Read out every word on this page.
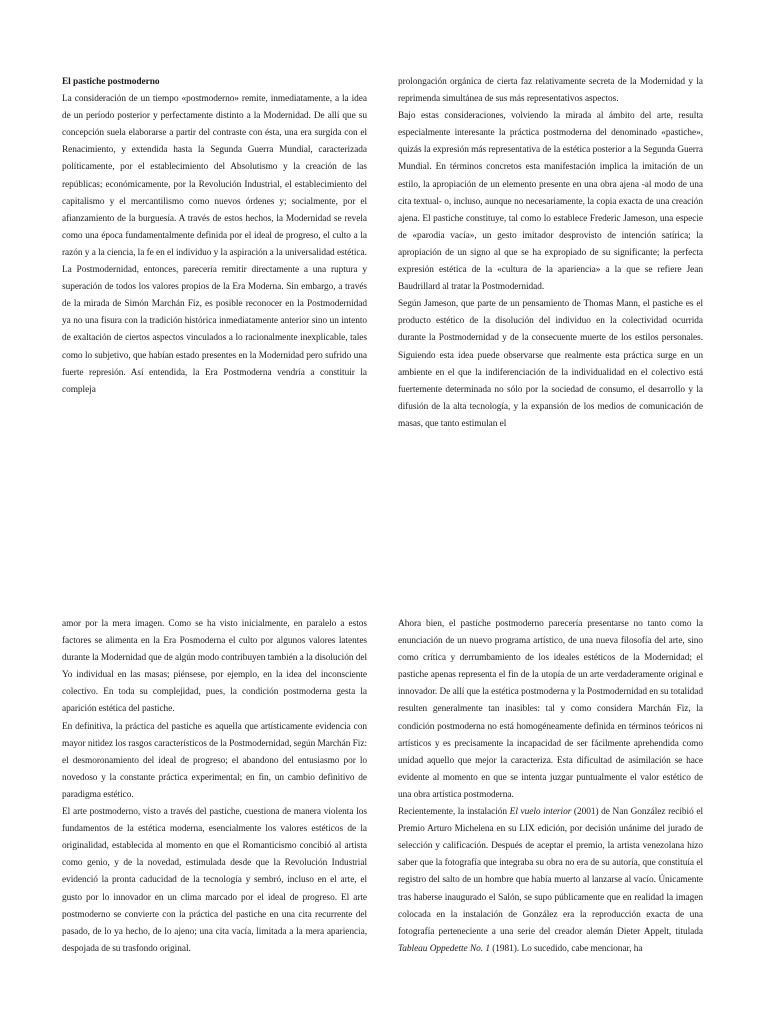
El pastiche postmoderno

La consideración de un tiempo «postmoderno» remite, inmediatamente, a la idea de un período posterior y perfectamente distinto a la Modernidad. De allí que su concepción suela elaborarse a partir del contraste con ésta, una era surgida con el Renacimiento, y extendida hasta la Segunda Guerra Mundial, caracterizada políticamente, por el establecimiento del Absolutismo y la creación de las repúblicas; económicamente, por la Revolución Industrial, el establecimiento del capitalismo y el mercantilismo como nuevos órdenes y; socialmente, por el afianzamiento de la burguesía. A través de estos hechos, la Modernidad se revela como una época fundamentalmente definida por el ideal de progreso, el culto a la razón y a la ciencia, la fe en el individuo y la aspiración a la universalidad estética.

La Postmodernidad, entonces, parecería remitir directamente a una ruptura y superación de todos los valores propios de la Era Moderna. Sin embargo, a través de la mirada de Simón Marchán Fiz, es posible reconocer en la Postmodernidad ya no una fisura con la tradición histórica inmediatamente anterior sino un intento de exaltación de ciertos aspectos vinculados a lo racionalmente inexplicable, tales como lo subjetivo, que habían estado presentes en la Modernidad pero sufrido una fuerte represión. Así entendida, la Era Postmoderna vendría a constituir la compleja

prolongación orgánica de cierta faz relativamente secreta de la Modernidad y la reprimenda simultánea de sus más representativos aspectos.

Bajo estas consideraciones, volviendo la mirada al ámbito del arte, resulta especialmente interesante la práctica postmoderna del denominado «pastiche», quizás la expresión más representativa de la estética posterior a la Segunda Guerra Mundial. En términos concretos esta manifestación implica la imitación de un estilo, la apropiación de un elemento presente en una obra ajena -al modo de una cita textual- o, incluso, aunque no necesariamente, la copia exacta de una creación ajena. El pastiche constituye, tal como lo establece Frederic Jameson, una especie de «parodia vacía», un gesto imitador desprovisto de intención satírica; la apropiación de un signo al que se ha expropiado de su significante; la perfecta expresión estética de la «cultura de la apariencia» a la que se refiere Jean Baudrillard al tratar la Postmodernidad.

Según Jameson, que parte de un pensamiento de Thomas Mann, el pastiche es el producto estético de la disolución del individuo en la colectividad ocurrida durante la Postmodernidad y de la consecuente muerte de los estilos personales. Siguiendo esta idea puede observarse que realmente esta práctica surge en un ambiente en el que la indiferenciación de la individualidad en el colectivo está fuertemente determinada no sólo por la sociedad de consumo, el desarrollo y la difusión de la alta tecnología, y la expansión de los medios de comunicación de masas, que tanto estimulan el

amor por la mera imagen. Como se ha visto inicialmente, en paralelo a estos factores se alimenta en la Era Posmoderna el culto por algunos valores latentes durante la Modernidad que de algún modo contribuyen también a la disolución del Yo individual en las masas; piénsese, por ejemplo, en la idea del inconsciente colectivo. En toda su complejidad, pues, la condición postmoderna gesta la aparición estética del pastiche.

En definitiva, la práctica del pastiche es aquella que artísticamente evidencia con mayor nitidez los rasgos característicos de la Postmodernidad, según Marchán Fiz: el desmoronamiento del ideal de progreso; el abandono del entusiasmo por lo novedoso y la constante práctica experimental; en fin, un cambio definitivo de paradigma estético.

El arte postmoderno, visto a través del pastiche, cuestiona de manera violenta los fundamentos de la estética moderna, esencialmente los valores estéticos de la originalidad, establecida al momento en que el Romanticismo concibió al artista como genio, y de la novedad, estimulada desde que la Revolución Industrial evidenció la pronta caducidad de la tecnología y sembró, incluso en el arte, el gusto por lo innovador en un clima marcado por el ideal de progreso. El arte postmoderno se convierte con la práctica del pastiche en una cita recurrente del pasado, de lo ya hecho, de lo ajeno; una cita vacía, limitada a la mera apariencia, despojada de su trasfondo original.

Ahora bien, el pastiche postmoderno parecería presentarse no tanto como la enunciación de un nuevo programa artístico, de una nueva filosofía del arte, sino como crítica y derrumbamiento de los ideales estéticos de la Modernidad; el pastiche apenas representa el fin de la utopía de un arte verdaderamente original e innovador. De allí que la estética postmoderna y la Postmodernidad en su totalidad resulten generalmente tan inasibles: tal y como considera Marchán Fiz, la condición postmoderna no está homogéneamente definida en términos teóricos ni artísticos y es precisamente la incapacidad de ser fácilmente aprehendida como unidad aquello que mejor la caracteriza. Esta dificultad de asimilación se hace evidente al momento en que se intenta juzgar puntualmente el valor estético de una obra artística postmoderna.

Recientemente, la instalación El vuelo interior (2001) de Nan González recibió el Premio Arturo Michelena en su LIX edición, por decisión unánime del jurado de selección y calificación. Después de aceptar el premio, la artista venezolana hizo saber que la fotografía que integraba su obra no era de su autoría, que constituía el registro del salto de un hombre que había muerto al lanzarse al vacío. Únicamente tras haberse inaugurado el Salón, se supo públicamente que en realidad la imagen colocada en la instalación de González era la reproducción exacta de una fotografía perteneciente a una serie del creador alemán Dieter Appelt, titulada Tableau Oppedette No. 1 (1981). Lo sucedido, cabe mencionar, ha
